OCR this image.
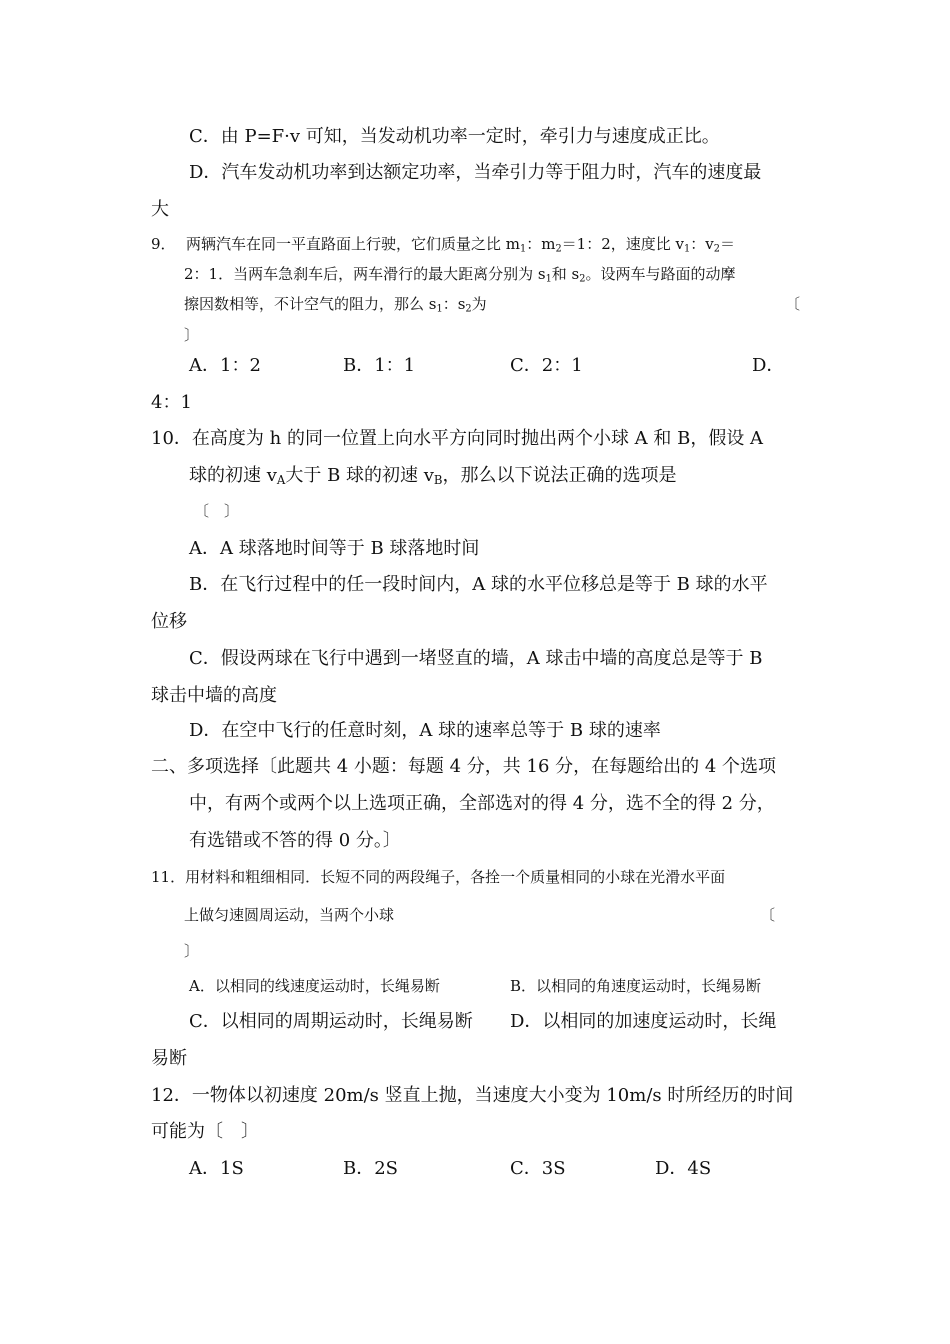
C．由 P=F·v 可知，当发动机功率一定时，牵引力与速度成正比。
D．汽车发动机功率到达额定功率，当牵引力等于阻力时，汽车的速度最
大
9． 两辆汽车在同一平直路面上行驶，它们质量之比 $m_1$：$m_2=1$：2，速度比 $v_1$：$v_2=$
2：1．当两车急刹车后，两车滑行的最大距离分别为 $s_1$和 $s_2$。设两车与路面的动摩
擦因数相等，不计空气的阻力，那么 $s_1$：$s_2$为	〔
〕
A．1：2	B．1：1	C．2：1	D．
4：1
10．在高度为 h 的同一位置上向水平方向同时抛出两个小球 A 和 B，假设 A
球的初速 $v_A$大于 B 球的初速 $v_B$，那么以下说法正确的选项是
〔　〕
A．A 球落地时间等于 B 球落地时间
B．在飞行过程中的任一段时间内，A 球的水平位移总是等于 B 球的水平
位移
C．假设两球在飞行中遇到一堵竖直的墙，A 球击中墙的高度总是等于 B
球击中墙的高度
D．在空中飞行的任意时刻，A 球的速率总等于 B 球的速率
二、多项选择〔此题共 4 小题：每题 4 分，共 16 分，在每题给出的 4 个选项
中，有两个或两个以上选项正确，全部选对的得 4 分，选不全的得 2 分，
有选错或不答的得 0 分。〕
11．用材料和粗细相同．长短不同的两段绳子，各拴一个质量相同的小球在光滑水平面
上做匀速圆周运动，当两个小球	〔
〕
A．以相同的线速度运动时，长绳易断	B．以相同的角速度运动时，长绳易断
C．以相同的周期运动时，长绳易断 D．以相同的加速度运动时，长绳
易断
12．一物体以初速度 20m/s 竖直上抛，当速度大小变为 10m/s 时所经历的时间
可能为〔　〕
A．1S	B．2S	C．3S	D．4S
